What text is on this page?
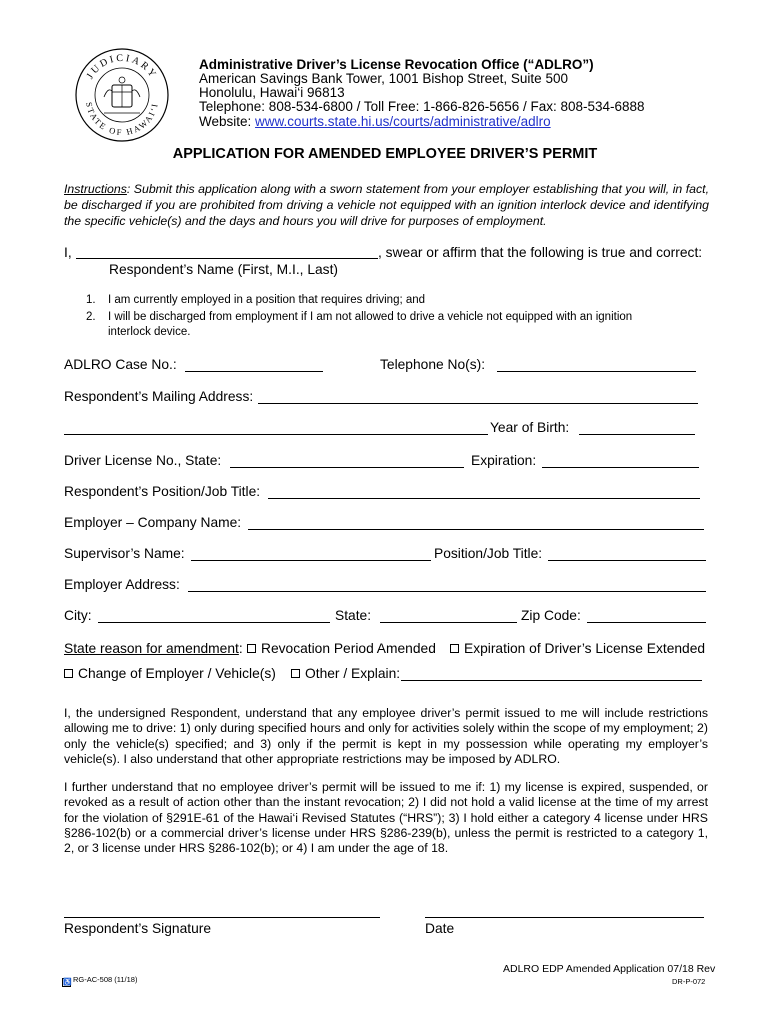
JUDICIARY
STATE OF HAWAI‘I
Administrative Driver’s License Revocation Office (“ADLRO”)
American Savings Bank Tower, 1001 Bishop Street, Suite 500
Honolulu, Hawai‘i 96813
Telephone: 808-534-6800 / Toll Free: 1-866-826-5656 / Fax: 808-534-6888
Website: www.courts.state.hi.us/courts/administrative/adlro
APPLICATION FOR AMENDED EMPLOYEE DRIVER’S PERMIT
Instructions: Submit this application along with a sworn statement from your employer establishing that you will, in fact, be discharged if you are prohibited from driving a vehicle not equipped with an ignition interlock device and identifying the specific vehicle(s) and the days and hours you will drive for purposes of employment.
I,	, swear or affirm that the following is true and correct:
Respondent’s Name (First, M.I., Last)
1. I am currently employed in a position that requires driving; and
2. I will be discharged from employment if I am not allowed to drive a vehicle not equipped with an ignition
interlock device.
ADLRO Case No.:	Telephone No(s):
Respondent’s Mailing Address:
Year of Birth:
Driver License No., State:	Expiration:
Respondent’s Position/Job Title:
Employer – Company Name:
Supervisor’s Name:	Position/Job Title:
Employer Address:
City:	State:	Zip Code:
State reason for amendment:	Revocation Period Amended	Expiration of Driver’s License Extended
Change of Employer / Vehicle(s)	Other / Explain:
I, the undersigned Respondent, understand that any employee driver’s permit issued to me will include restrictions allowing me to drive: 1) only during specified hours and only for activities solely within the scope of my employment; 2) only the vehicle(s) specified; and 3) only if the permit is kept in my possession while operating my employer’s vehicle(s). I also understand that other appropriate restrictions may be imposed by ADLRO.
I further understand that no employee driver’s permit will be issued to me if: 1) my license is expired, suspended, or revoked as a result of action other than the instant revocation; 2) I did not hold a valid license at the time of my arrest for the violation of §291E-61 of the Hawai‘i Revised Statutes (“HRS”); 3) I hold either a category 4 license under HRS §286-102(b) or a commercial driver’s license under HRS §286-239(b), unless the permit is restricted to a category 1, 2, or 3 license under HRS §286-102(b); or 4) I am under the age of 18.
Respondent’s Signature	Date
ADLRO EDP Amended Application 07/18 Rev
♿RG-AC-508 (11/18)	DR-P-072
